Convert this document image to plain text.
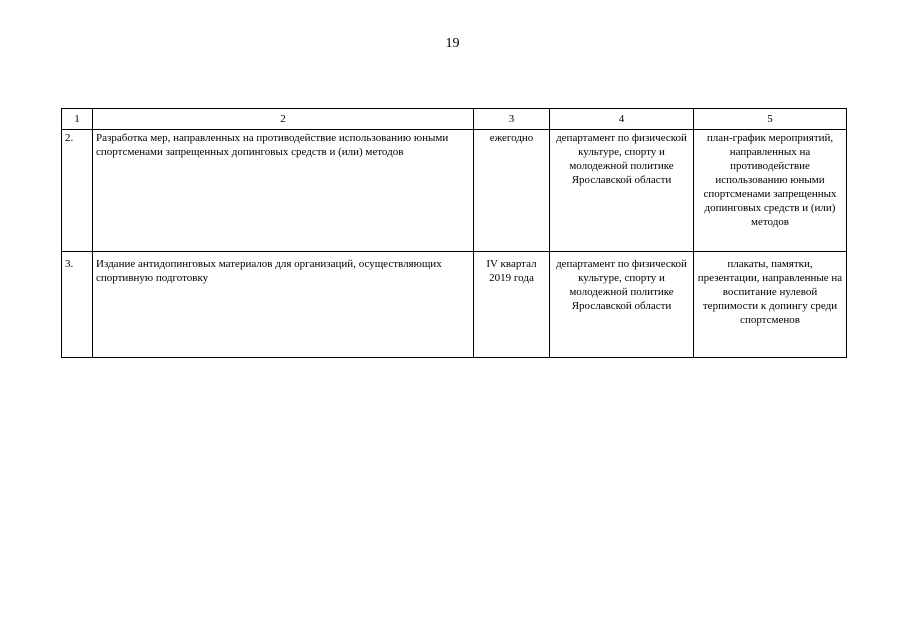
19
1	2	3	4	5
2.	Разработка мер, направленных на противодействие использованию юными спортсменами запрещенных допинговых средств и (или) методов	ежегодно	департамент по физической культуре, спорту и молодежной политике Ярославской области	план-график мероприятий, направленных на противодействие использованию юными спортсменами запрещенных допинговых средств и (или) методов
3.	Издание антидопинговых материалов для организаций, осуществляющих спортивную подготовку	IV квартал 2019 года	департамент по физической культуре, спорту и молодежной политике Ярославской области	плакаты, памятки, презентации, направленные на воспитание нулевой терпимости к допингу среди спортсменов
